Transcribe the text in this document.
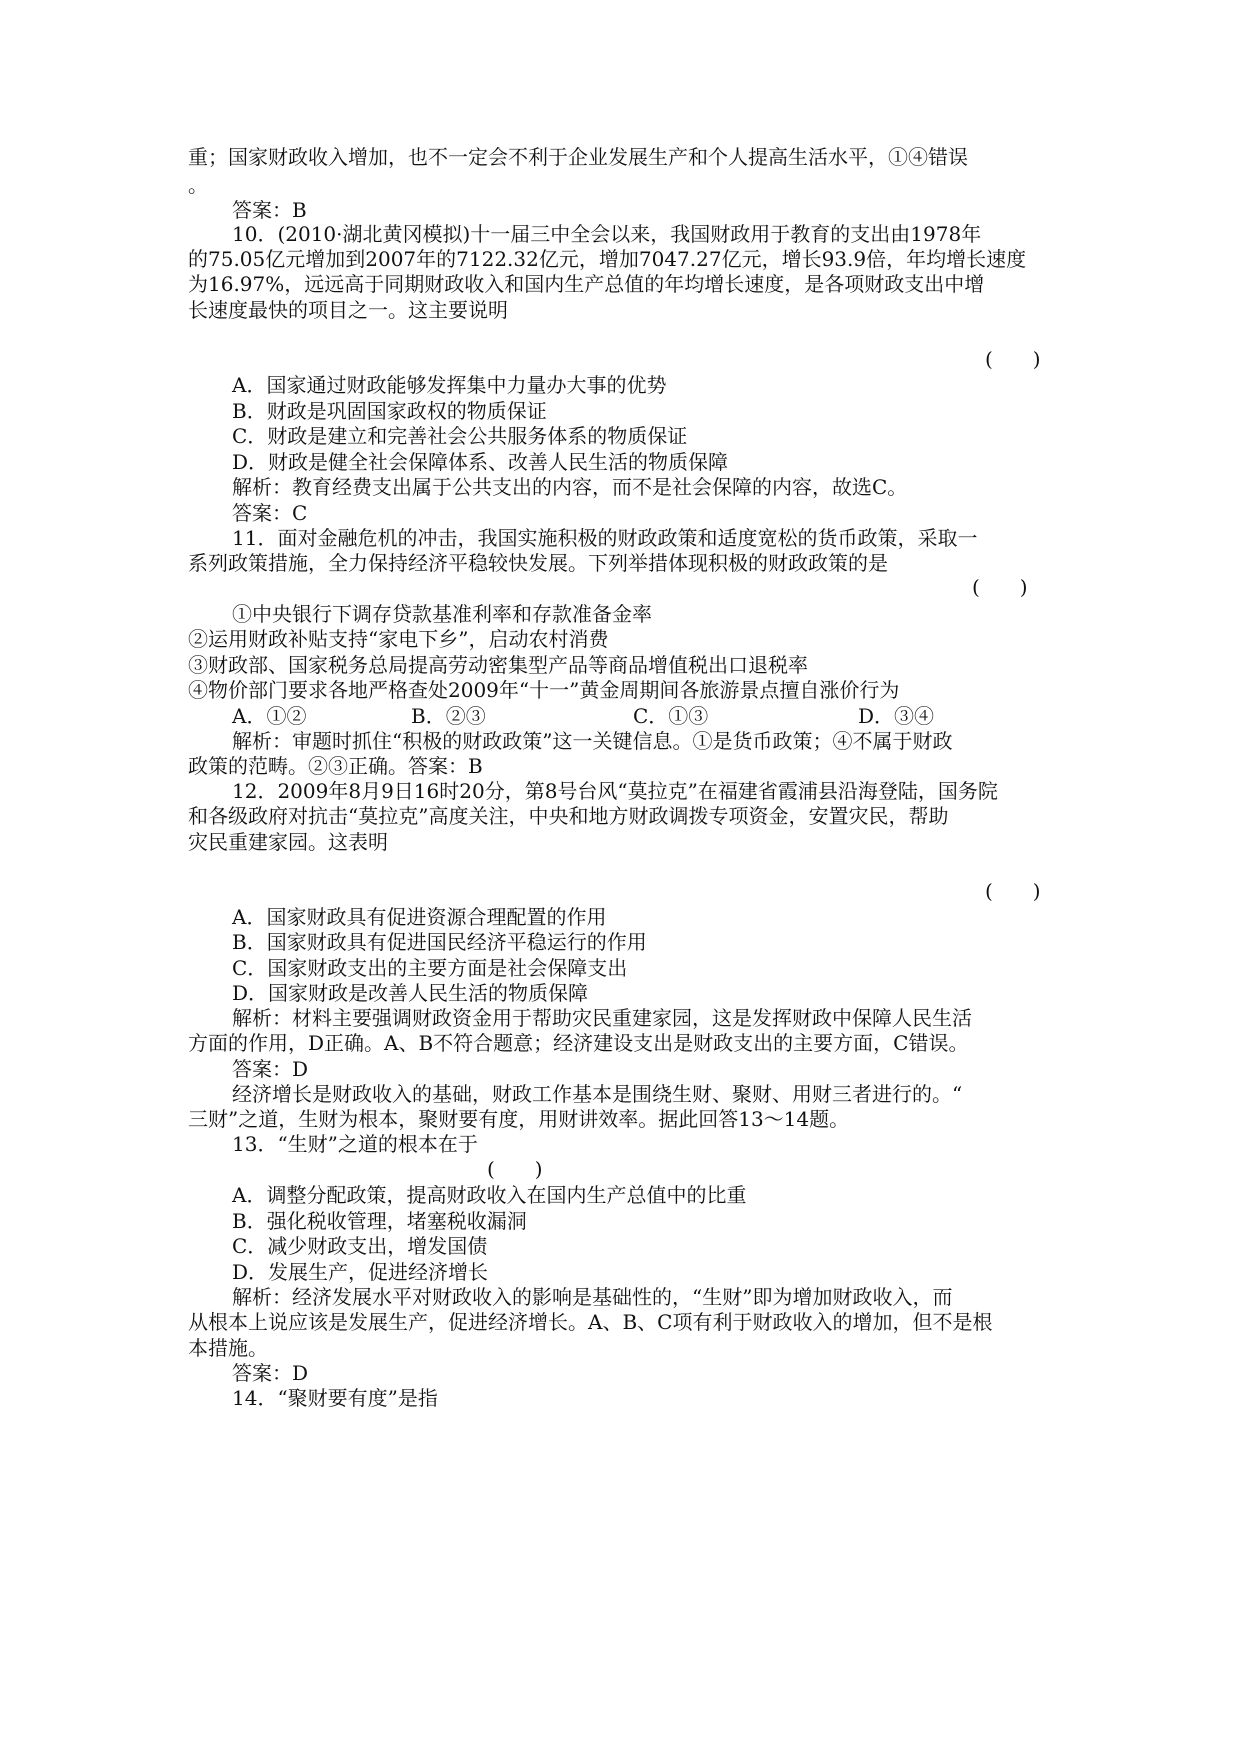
重；国家财政收入增加，也不一定会不利于企业发展生产和个人提高生活水平，①④错误
。
答案：B
10．(2010·湖北黄冈模拟)十一届三中全会以来，我国财政用于教育的支出由1978年
的75.05亿元增加到2007年的7122.32亿元，增加7047.27亿元，增长93.9倍，年均增长速度
为16.97%，远远高于同期财政收入和国内生产总值的年均增长速度，是各项财政支出中增
长速度最快的项目之一。这主要说明
(　　)
A．国家通过财政能够发挥集中力量办大事的优势
B．财政是巩固国家政权的物质保证
C．财政是建立和完善社会公共服务体系的物质保证
D．财政是健全社会保障体系、改善人民生活的物质保障
解析：教育经费支出属于公共支出的内容，而不是社会保障的内容，故选C。
答案：C
11．面对金融危机的冲击，我国实施积极的财政政策和适度宽松的货币政策，采取一
系列政策措施，全力保持经济平稳较快发展。下列举措体现积极的财政政策的是
(　　)
①中央银行下调存贷款基准利率和存款准备金率
②运用财政补贴支持“家电下乡”，启动农村消费
③财政部、国家税务总局提高劳动密集型产品等商品增值税出口退税率
④物价部门要求各地严格查处2009年“十一”黄金周期间各旅游景点擅自涨价行为
A．①②	B．②③	C．①③	D．③④
解析：审题时抓住“积极的财政政策”这一关键信息。①是货币政策；④不属于财政
政策的范畴。②③正确。答案：B
12．2009年8月9日16时20分，第8号台风“莫拉克”在福建省霞浦县沿海登陆，国务院
和各级政府对抗击“莫拉克”高度关注，中央和地方财政调拨专项资金，安置灾民，帮助
灾民重建家园。这表明
(　　)
A．国家财政具有促进资源合理配置的作用
B．国家财政具有促进国民经济平稳运行的作用
C．国家财政支出的主要方面是社会保障支出
D．国家财政是改善人民生活的物质保障
解析：材料主要强调财政资金用于帮助灾民重建家园，这是发挥财政中保障人民生活
方面的作用，D正确。A、B不符合题意；经济建设支出是财政支出的主要方面，C错误。
答案：D
经济增长是财政收入的基础，财政工作基本是围绕生财、聚财、用财三者进行的。“
三财”之道，生财为根本，聚财要有度，用财讲效率。据此回答13～14题。
13．“生财”之道的根本在于
(　　)
A．调整分配政策，提高财政收入在国内生产总值中的比重
B．强化税收管理，堵塞税收漏洞
C．减少财政支出，增发国债
D．发展生产，促进经济增长
解析：经济发展水平对财政收入的影响是基础性的，“生财”即为增加财政收入，而
从根本上说应该是发展生产，促进经济增长。A、B、C项有利于财政收入的增加，但不是根
本措施。
答案：D
14．“聚财要有度”是指
